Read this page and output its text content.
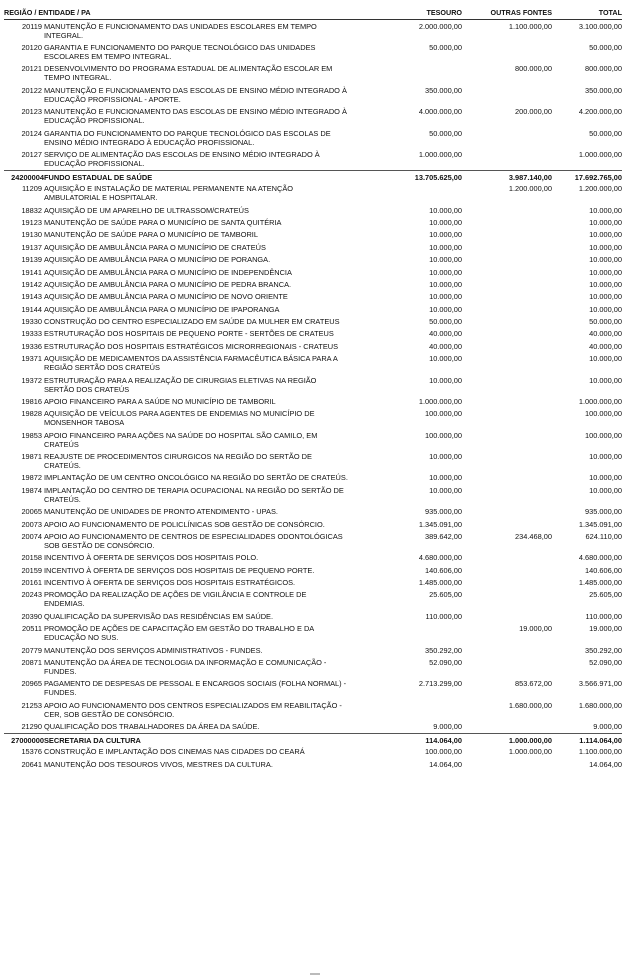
REGIÃO / ENTIDADE / PA		TESOURO	OUTRAS FONTES	TOTAL
20119	MANUTENÇÃO E FUNCIONAMENTO DAS UNIDADES ESCOLARES EM TEMPO INTEGRAL.	2.000.000,00	1.100.000,00	3.100.000,00
20120	GARANTIA E FUNCIONAMENTO DO PARQUE TECNOLÓGICO DAS UNIDADES ESCOLARES EM TEMPO INTEGRAL.	50.000,00		50.000,00
20121	DESENVOLVIMENTO DO PROGRAMA ESTADUAL DE ALIMENTAÇÃO ESCOLAR EM TEMPO INTEGRAL.		800.000,00	800.000,00
20122	MANUTENÇÃO E FUNCIONAMENTO DAS ESCOLAS DE ENSINO MÉDIO INTEGRADO À EDUCAÇÃO PROFISSIONAL - APORTE.	350.000,00		350.000,00
20123	MANUTENÇÃO E FUNCIONAMENTO DAS ESCOLAS DE ENSINO MÉDIO INTEGRADO À EDUCAÇÃO PROFISSIONAL.	4.000.000,00	200.000,00	4.200.000,00
20124	GARANTIA DO FUNCIONAMENTO DO PARQUE TECNOLÓGICO DAS ESCOLAS DE ENSINO MÉDIO INTEGRADO À EDUCAÇÃO PROFISSIONAL.	50.000,00		50.000,00
20127	SERVIÇO DE ALIMENTAÇÃO DAS ESCOLAS DE ENSINO MÉDIO INTEGRADO À EDUCAÇÃO PROFISSIONAL.	1.000.000,00		1.000.000,00
24200004	FUNDO ESTADUAL DE SAÚDE	13.705.625,00	3.987.140,00	17.692.765,00
11209	AQUISIÇÃO E INSTALAÇÃO DE MATERIAL PERMANENTE NA ATENÇÃO AMBULATORIAL E HOSPITALAR.		1.200.000,00	1.200.000,00
18832	AQUISIÇÃO DE UM APARELHO DE ULTRASSOM/CRATEÚS	10.000,00		10.000,00
19123	MANUTENÇÃO DE SAÚDE PARA O MUNICÍPIO DE SANTA QUITÉRIA	10.000,00		10.000,00
19130	MANUTENÇÃO DE SAÚDE PARA O MUNICÍPIO DE TAMBORIL	10.000,00		10.000,00
19137	AQUISIÇÃO DE AMBULÂNCIA PARA O MUNICÍPIO DE CRATEÚS	10.000,00		10.000,00
19139	AQUISIÇÃO DE AMBULÂNCIA PARA O MUNICÍPIO DE PORANGA.	10.000,00		10.000,00
19141	AQUISIÇÃO DE AMBULÂNCIA PARA O MUNICÍPIO DE INDEPENDÊNCIA	10.000,00		10.000,00
19142	AQUISIÇÃO DE AMBULÂNCIA PARA O MUNICÍPIO DE PEDRA BRANCA.	10.000,00		10.000,00
19143	AQUISIÇÃO DE AMBULÂNCIA PARA O MUNICÍPIO DE NOVO ORIENTE	10.000,00		10.000,00
19144	AQUISIÇÃO DE AMBULÂNCIA PARA O MUNICÍPIO DE IPAPORANGA	10.000,00		10.000,00
19330	CONSTRUÇÃO DO CENTRO ESPECIALIZADO EM SAÚDE DA MULHER EM CRATEUS	50.000,00		50.000,00
19333	ESTRUTURAÇÃO DOS HOSPITAIS DE PEQUENO PORTE - SERTÕES DE CRATEUS	40.000,00		40.000,00
19336	ESTRUTURAÇÃO DOS HOSPITAIS ESTRATÉGICOS MICRORREGIONAIS - CRATEUS	40.000,00		40.000,00
19371	AQUISIÇÃO DE MEDICAMENTOS DA ASSISTÊNCIA FARMACÊUTICA BÁSICA PARA A REGIÃO SERTÃO DOS CRATEÚS	10.000,00		10.000,00
19372	ESTRUTURAÇÃO PARA A REALIZAÇÃO DE CIRURGIAS ELETIVAS NA REGIÃO SERTÃO DOS CRATEÚS	10.000,00		10.000,00
19816	APOIO FINANCEIRO PARA A SAÚDE NO MUNICÍPIO DE TAMBORIL	1.000.000,00		1.000.000,00
19828	AQUISIÇÃO DE VEÍCULOS PARA AGENTES DE ENDEMIAS NO MUNICÍPIO DE MONSENHOR TABOSA	100.000,00		100.000,00
19853	APOIO FINANCEIRO PARA AÇÕES NA SAÚDE DO HOSPITAL SÃO CAMILO, EM CRATEÚS	100.000,00		100.000,00
19871	REAJUSTE DE PROCEDIMENTOS CIRURGICOS NA REGIÃO DO SERTÃO DE CRATEÚS.	10.000,00		10.000,00
19872	IMPLANTAÇÃO DE UM CENTRO ONCOLÓGICO NA REGIÃO DO SERTÃO DE CRATEÚS.	10.000,00		10.000,00
19874	IMPLANTAÇÃO DO CENTRO DE TERAPIA OCUPACIONAL NA REGIÃO DO SERTÃO DE CRATEÚS.	10.000,00		10.000,00
20065	MANUTENÇÃO DE UNIDADES DE PRONTO ATENDIMENTO - UPAS.	935.000,00		935.000,00
20073	APOIO AO FUNCIONAMENTO DE POLICLÍNICAS SOB GESTÃO DE CONSÓRCIO.	1.345.091,00		1.345.091,00
20074	APOIO AO FUNCIONAMENTO DE CENTROS DE ESPECIALIDADES ODONTOLÓGICAS SOB GESTÃO DE CONSÓRCIO.	389.642,00	234.468,00	624.110,00
20158	INCENTIVO À OFERTA DE SERVIÇOS DOS HOSPITAIS POLO.	4.680.000,00		4.680.000,00
20159	INCENTIVO À OFERTA DE SERVIÇOS DOS HOSPITAIS DE PEQUENO PORTE.	140.606,00		140.606,00
20161	INCENTIVO À OFERTA DE SERVIÇOS DOS HOSPITAIS ESTRATÉGICOS.	1.485.000,00		1.485.000,00
20243	PROMOÇÃO DA REALIZAÇÃO DE AÇÕES DE VIGILÂNCIA E CONTROLE DE ENDEMIAS.	25.605,00		25.605,00
20390	QUALIFICAÇÃO DA SUPERVISÃO DAS RESIDÊNCIAS EM SAÚDE.	110.000,00		110.000,00
20511	PROMOÇÃO DE AÇÕES DE CAPACITAÇÃO EM GESTÃO DO TRABALHO E DA EDUCAÇÃO NO SUS.		19.000,00	19.000,00
20779	MANUTENÇÃO DOS SERVIÇOS ADMINISTRATIVOS - FUNDES.	350.292,00		350.292,00
20871	MANUTENÇÃO DA ÁREA DE TECNOLOGIA DA INFORMAÇÃO E COMUNICAÇÃO - FUNDES.	52.090,00		52.090,00
20965	PAGAMENTO DE DESPESAS DE PESSOAL E ENCARGOS SOCIAIS (FOLHA NORMAL) - FUNDES.	2.713.299,00	853.672,00	3.566.971,00
21253	APOIO AO FUNCIONAMENTO DOS CENTROS ESPECIALIZADOS EM REABILITAÇÃO - CER, SOB GESTÃO DE CONSÓRCIO.		1.680.000,00	1.680.000,00
21290	QUALIFICAÇÃO DOS TRABALHADORES DA ÁREA DA SAÚDE.	9.000,00		9.000,00
27000000	SECRETARIA DA CULTURA	114.064,00	1.000.000,00	1.114.064,00
15376	CONSTRUÇÃO E IMPLANTAÇÃO DOS CINEMAS NAS CIDADES DO CEARÁ	100.000,00	1.000.000,00	1.100.000,00
20641	MANUTENÇÃO DOS TESOUROS VIVOS, MESTRES DA CULTURA.	14.064,00		14.064,00
